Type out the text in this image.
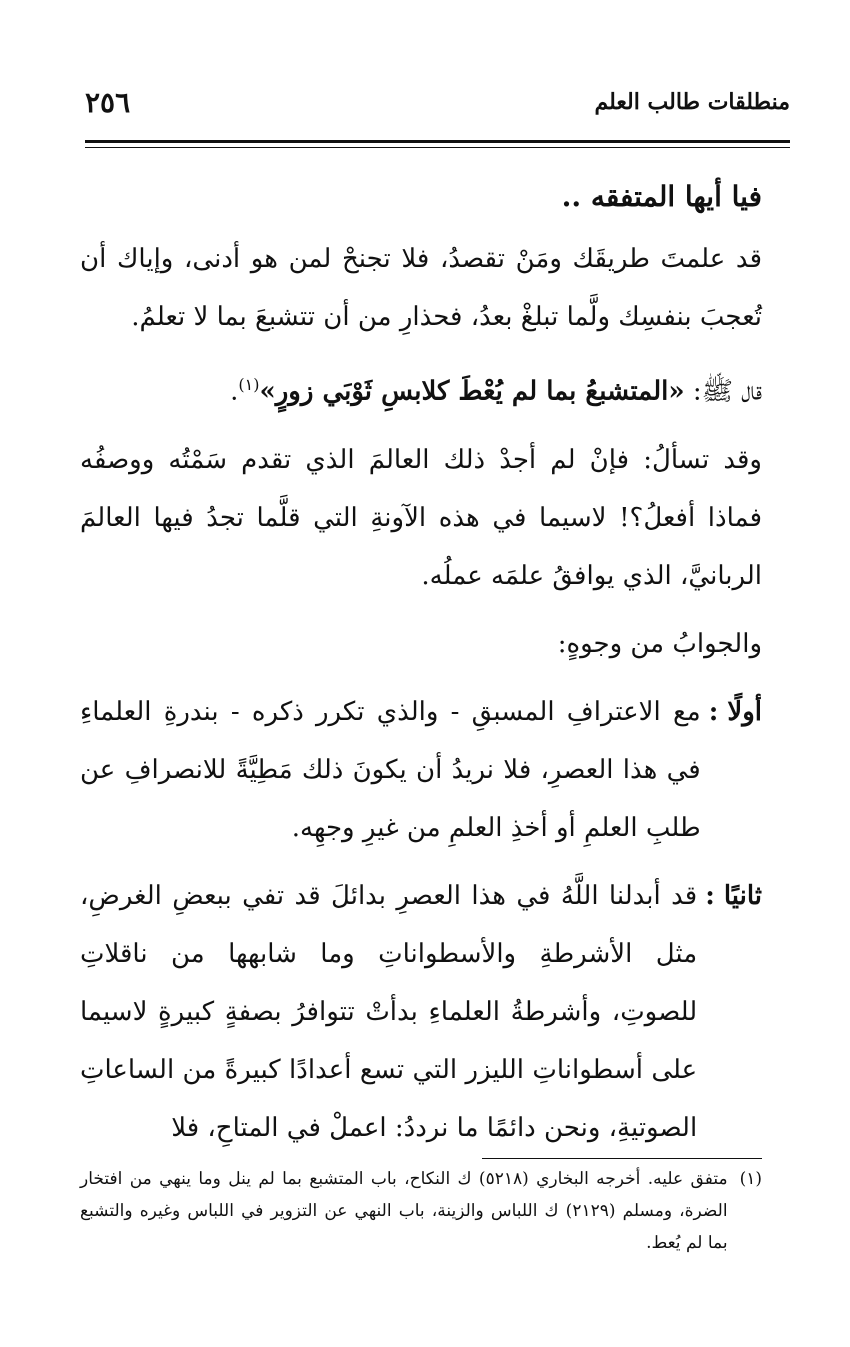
منطلقات طالب العلم
٢٥٦
فيا أيها المتفقه ..

قد علمتَ طريقَك ومَنْ تقصدُ، فلا تجنحْ لمن هو أدنى، وإياك أن تُعجبَ بنفسِك ولَّما تبلغْ بعدُ، فحذارِ من أن تتشبعَ بما لا تعلمُ.

قال ﷺ: «المتشبعُ بما لم يُعْطَ كلابسِ ثَوْبَي زورٍ»$^{(١)}$.

وقد تسألُ: فإنْ لم أجدْ ذلك العالمَ الذي تقدم سَمْتُه ووصفُه فماذا أفعلُ؟! لاسيما في هذه الآونةِ التي قلَّما تجدُ فيها العالمَ الربانيَّ، الذي يوافقُ علمَه عملُه.

والجوابُ من وجوهٍ:

أولًا :
مع الاعترافِ المسبقِ - والذي تكرر ذكره - بندرةِ العلماءِ في هذا العصرِ، فلا نريدُ أن يكونَ ذلك مَطِيَّةً للانصرافِ عن طلبِ العلمِ أو أخذِ العلمِ من غيرِ وجهِه.
ثانيًا :
قد أبدلنا اللَّهُ في هذا العصرِ بدائلَ قد تفي ببعضِ الغرضِ، مثل الأشرطةِ والأسطواناتِ وما شابهها من ناقلاتِ للصوتِ، وأشرطةُ العلماءِ بدأتْ تتوافرُ بصفةٍ كبيرةٍ لاسيما على أسطواناتِ الليزر التي تسع أعدادًا كبيرةً من الساعاتِ الصوتيةِ، ونحن دائمًا ما نرددُ: اعملْ في المتاحِ، فلا
(١)
متفق عليه. أخرجه البخاري (٥٢١٨) ك النكاح، باب المتشبع بما لم ينل وما ينهي من افتخار الضرة، ومسلم (٢١٢٩) ك اللباس والزينة، باب النهي عن التزوير في اللباس وغيره والتشبع بما لم يُعط.
